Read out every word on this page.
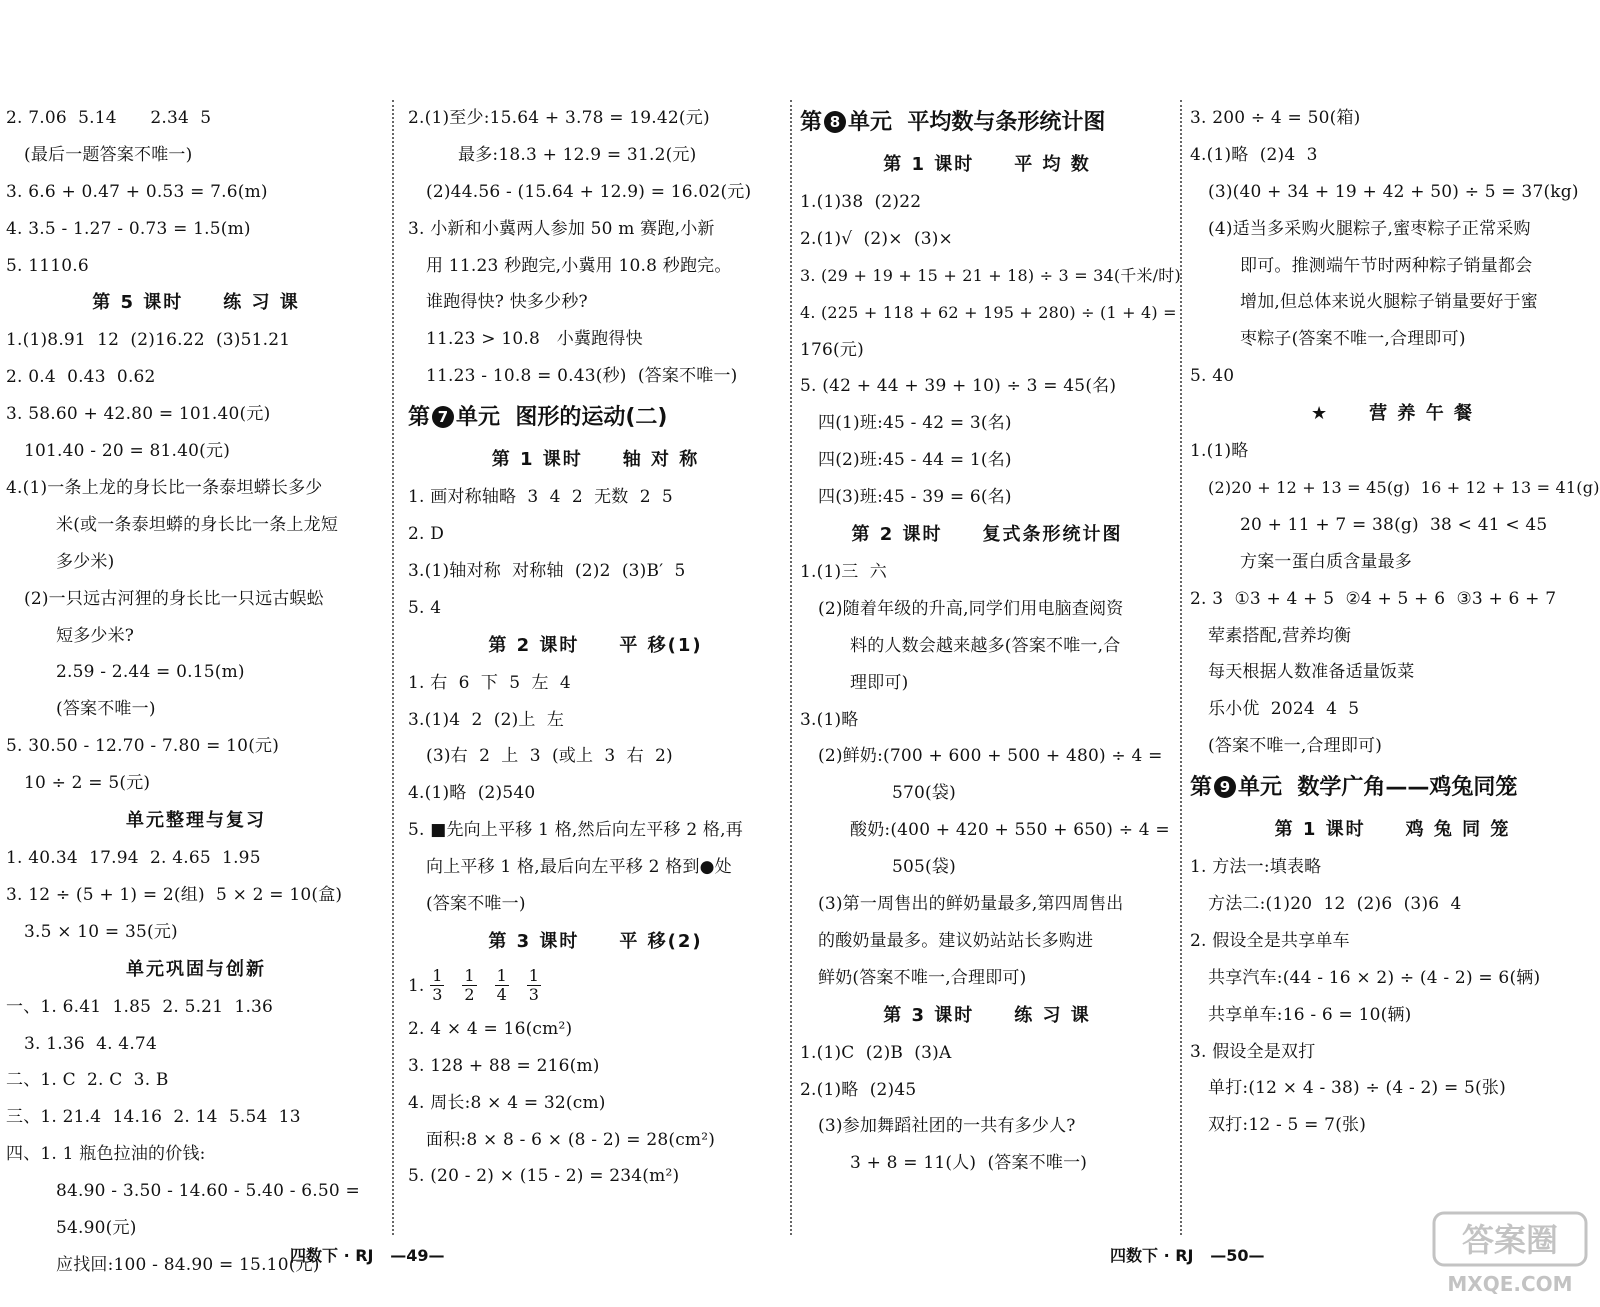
2. 7.06  5.14      2.34  5
(最后一题答案不唯一)
3. 6.6 + 0.47 + 0.53 = 7.6(m)
4. 3.5 - 1.27 - 0.73 = 1.5(m)
5. 1110.6
第 5 课时 练 习 课
1.(1)8.91  12  (2)16.22  (3)51.21
2. 0.4  0.43  0.62
3. 58.60 + 42.80 = 101.40(元)
101.40 - 20 = 81.40(元)
4.(1)一条上龙的身长比一条泰坦蟒长多少
米(或一条泰坦蟒的身长比一条上龙短
多少米)
(2)一只远古河狸的身长比一只远古蜈蚣
短多少米?
2.59 - 2.44 = 0.15(m)
(答案不唯一)
5. 30.50 - 12.70 - 7.80 = 10(元)
10 ÷ 2 = 5(元)
单元整理与复习
1. 40.34  17.94  2. 4.65  1.95
3. 12 ÷ (5 + 1) = 2(组)  5 × 2 = 10(盒)
3.5 × 10 = 35(元)
单元巩固与创新
一、1. 6.41  1.85  2. 5.21  1.36
3. 1.36  4. 4.74
二、1. C  2. C  3. B
三、1. 21.4  14.16  2. 14  5.54  13
四、1. 1 瓶色拉油的价钱:
84.90 - 3.50 - 14.60 - 5.40 - 6.50 =
54.90(元)
应找回:100 - 84.90 = 15.10(元)
2.(1)至少:15.64 + 3.78 = 19.42(元)
最多:18.3 + 12.9 = 31.2(元)
(2)44.56 - (15.64 + 12.9) = 16.02(元)
3. 小新和小冀两人参加 50 m 赛跑,小新
用 11.23 秒跑完,小冀用 10.8 秒跑完。
谁跑得快? 快多少秒?
11.23 > 10.8   小冀跑得快
11.23 - 10.8 = 0.43(秒)  (答案不唯一)
第 7 单元  图形的运动(二)
第 1 课时 轴 对 称
1. 画对称轴略  3  4  2  无数  2  5
2. D
3.(1)轴对称  对称轴  (2)2  (3)B′  5
5. 4
第 2 课时 平 移(1)
1. 右  6  下  5  左  4
3.(1)4  2  (2)上  左
(3)右  2  上  3  (或上  3  右  2)
4.(1)略  (2)540
5. ■先向上平移 1 格,然后向左平移 2 格,再
向上平移 1 格,最后向左平移 2 格到●处
(答案不唯一)
第 3 课时 平 移(2)
1. $\frac{1}{3} \frac{1}{2} \frac{1}{4} \frac{1}{3}$
2. 4 × 4 = 16(cm²)
3. 128 + 88 = 216(m)
4. 周长:8 × 4 = 32(cm)
面积:8 × 8 - 6 × (8 - 2) = 28(cm²)
5. (20 - 2) × (15 - 2) = 234(m²)
第 8 单元  平均数与条形统计图
第 1 课时 平 均 数
1.(1)38  (2)22
2.(1)√  (2)×  (3)×
3. (29 + 19 + 15 + 21 + 18) ÷ 3 = 34(千米/时)
4. (225 + 118 + 62 + 195 + 280) ÷ (1 + 4) =
176(元)
5. (42 + 44 + 39 + 10) ÷ 3 = 45(名)
四(1)班:45 - 42 = 3(名)
四(2)班:45 - 44 = 1(名)
四(3)班:45 - 39 = 6(名)
第 2 课时 复式条形统计图
1.(1)三  六
(2)随着年级的升高,同学们用电脑查阅资
料的人数会越来越多(答案不唯一,合
理即可)
3.(1)略
(2)鲜奶:(700 + 600 + 500 + 480) ÷ 4 =
570(袋)
酸奶:(400 + 420 + 550 + 650) ÷ 4 =
505(袋)
(3)第一周售出的鲜奶量最多,第四周售出
的酸奶量最多。建议奶站站长多购进
鲜奶(答案不唯一,合理即可)
第 3 课时 练 习 课
1.(1)C  (2)B  (3)A
2.(1)略  (2)45
(3)参加舞蹈社团的一共有多少人?
3 + 8 = 11(人)  (答案不唯一)
3. 200 ÷ 4 = 50(箱)
4.(1)略  (2)4  3
(3)(40 + 34 + 19 + 42 + 50) ÷ 5 = 37(kg)
(4)适当多采购火腿粽子,蜜枣粽子正常采购
即可。推测端午节时两种粽子销量都会
增加,但总体来说火腿粽子销量要好于蜜
枣粽子(答案不唯一,合理即可)
5. 40
★ 营 养 午 餐
1.(1)略
(2)20 + 12 + 13 = 45(g)  16 + 12 + 13 = 41(g)
20 + 11 + 7 = 38(g)  38 < 41 < 45
方案一蛋白质含量最多
2. 3  ①3 + 4 + 5  ②4 + 5 + 6  ③3 + 6 + 7
荤素搭配,营养均衡
每天根据人数准备适量饭菜
乐小优  2024  4  5
(答案不唯一,合理即可)
第 9 单元  数学广角——鸡兔同笼
第 1 课时 鸡 兔 同 笼
1. 方法一:填表略
方法二:(1)20  12  (2)6  (3)6  4
2. 假设全是共享单车
共享汽车:(44 - 16 × 2) ÷ (4 - 2) = 6(辆)
共享单车:16 - 6 = 10(辆)
3. 假设全是双打
单打:(12 × 4 - 38) ÷ (4 - 2) = 5(张)
双打:12 - 5 = 7(张)
四数下 · RJ   —49—	四数下 · RJ   —50—	答案圈
MXQE.COM
